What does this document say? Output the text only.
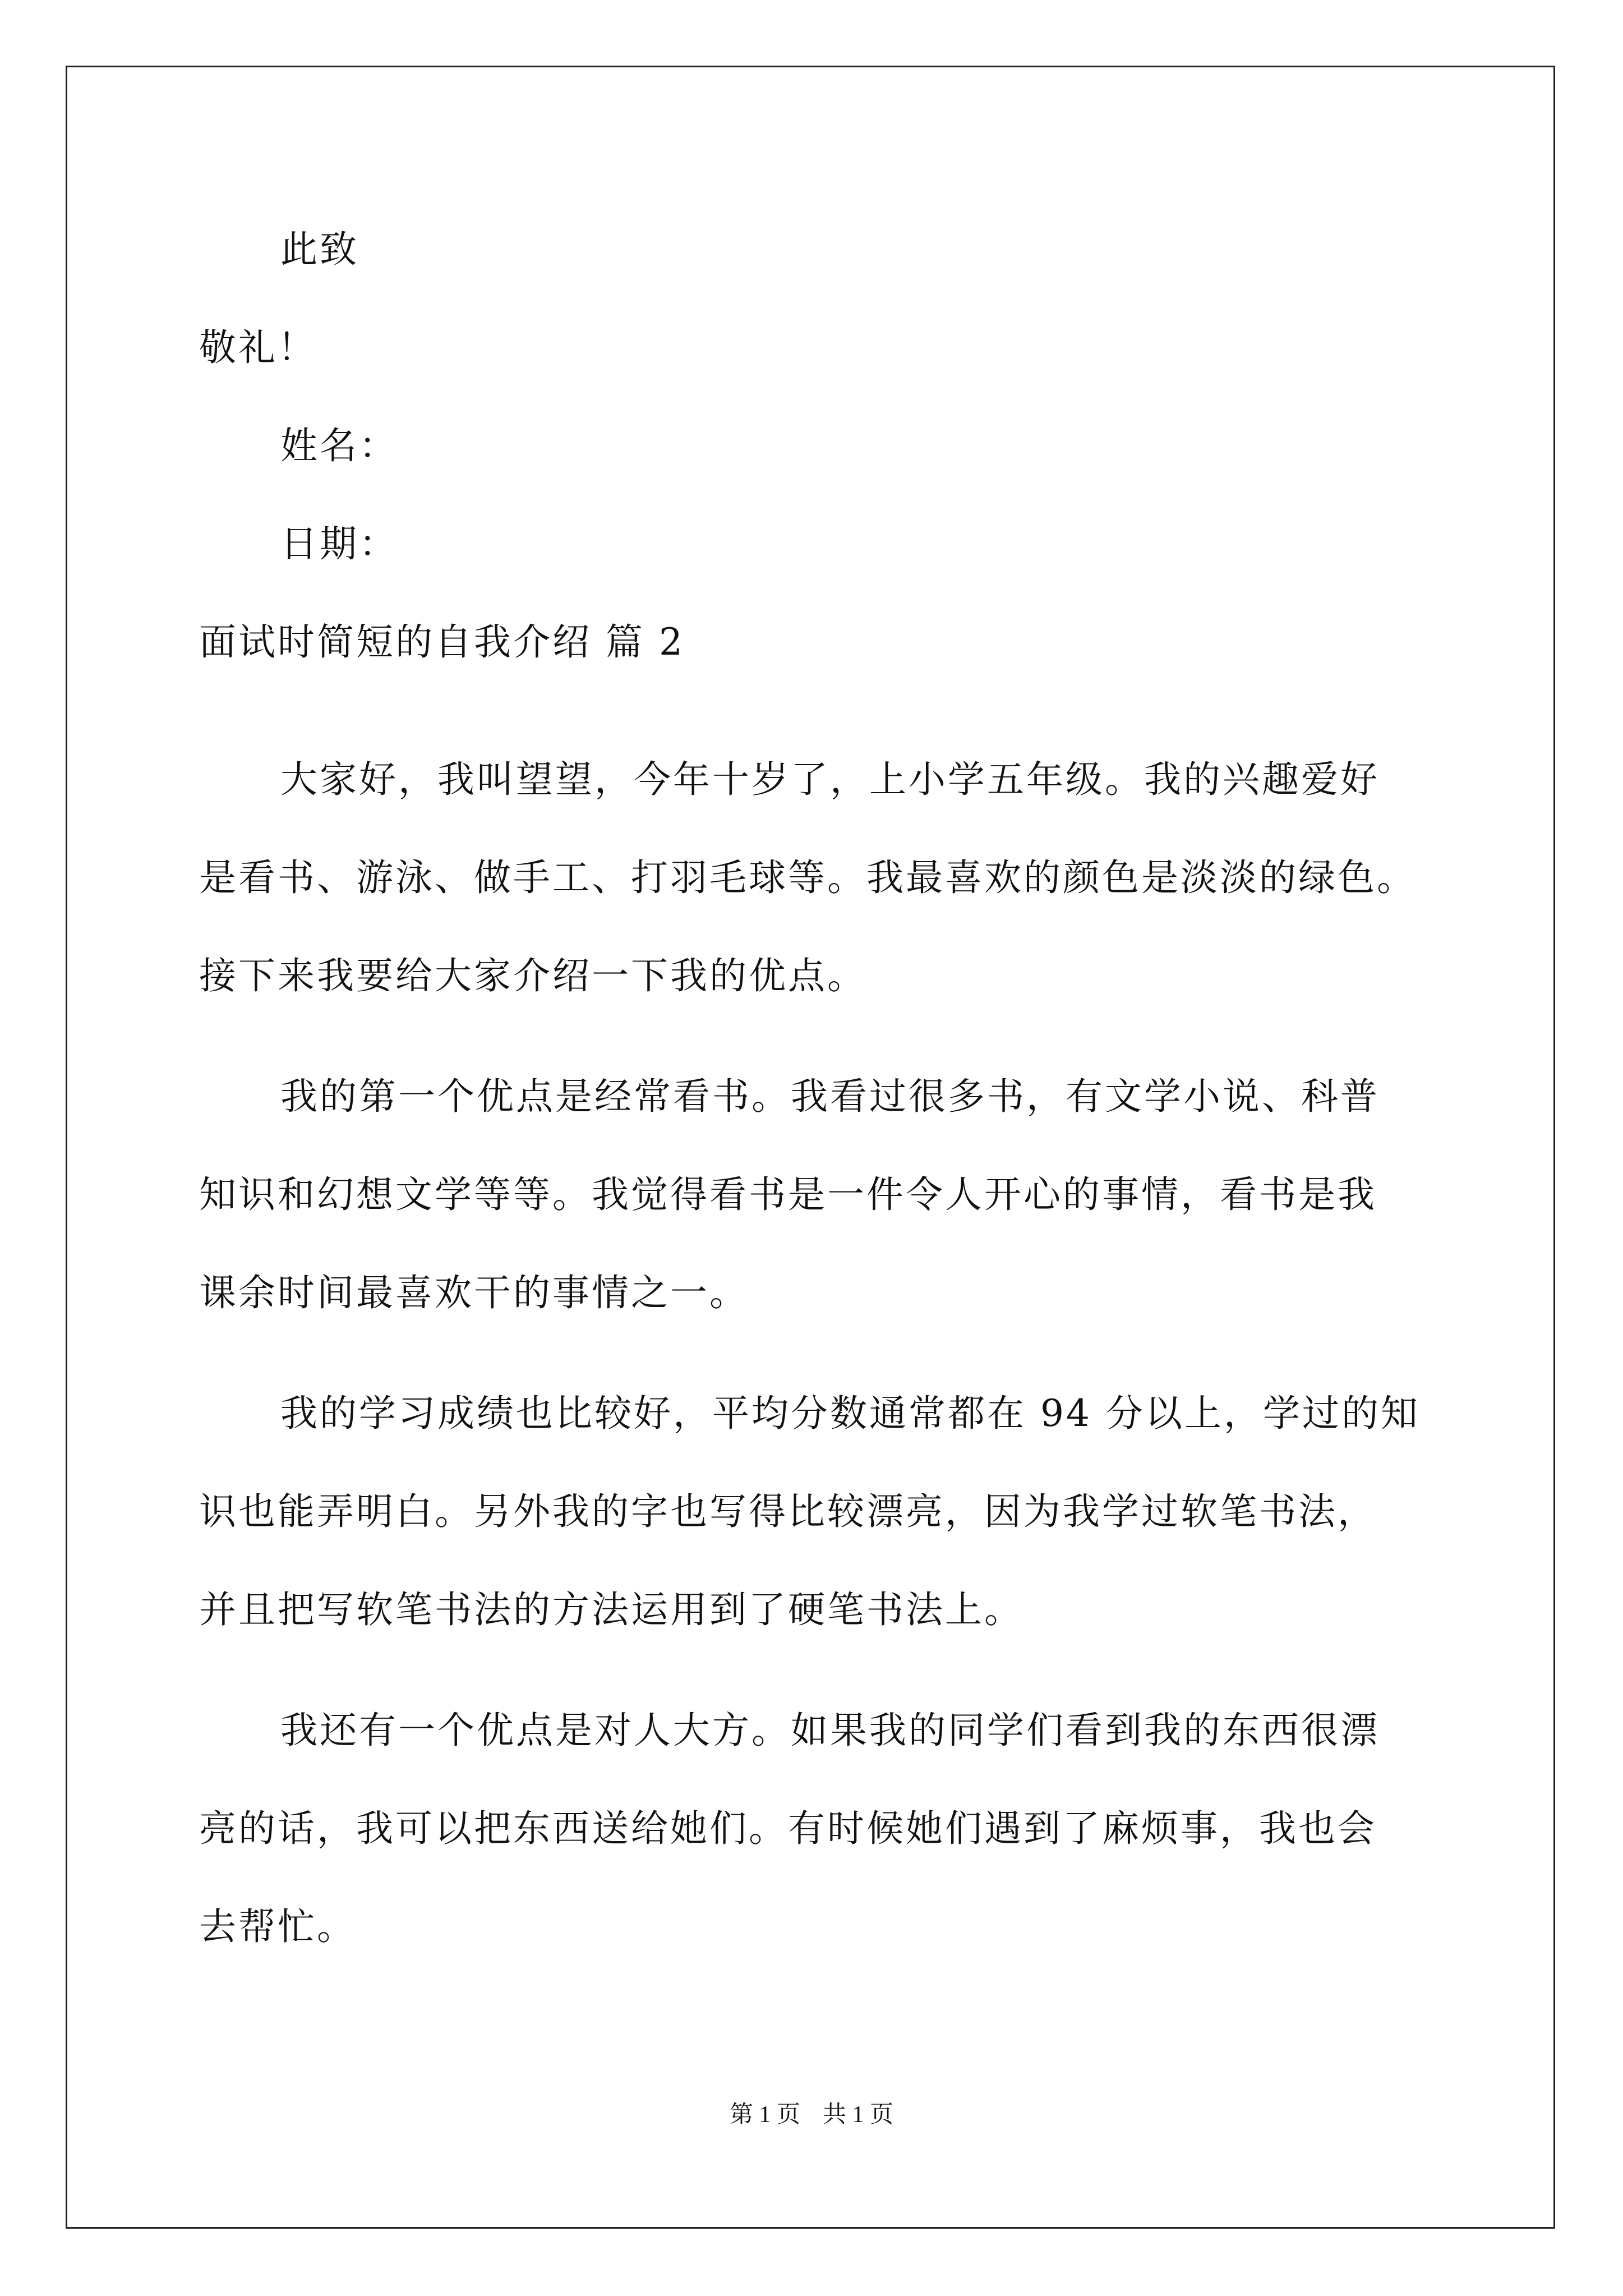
此致
敬礼！
姓名：
日期：
面试时简短的自我介绍 篇 2
大家好，我叫望望，今年十岁了，上小学五年级。我的兴趣爱好
是看书、游泳、做手工、打羽毛球等。我最喜欢的颜色是淡淡的绿色。
接下来我要给大家介绍一下我的优点。
我的第一个优点是经常看书。我看过很多书，有文学小说、科普
知识和幻想文学等等。我觉得看书是一件令人开心的事情，看书是我
课余时间最喜欢干的事情之一。
我的学习成绩也比较好，平均分数通常都在 94 分以上，学过的知
识也能弄明白。另外我的字也写得比较漂亮，因为我学过软笔书法，
并且把写软笔书法的方法运用到了硬笔书法上。
我还有一个优点是对人大方。如果我的同学们看到我的东西很漂
亮的话，我可以把东西送给她们。有时候她们遇到了麻烦事，我也会
去帮忙。
第 1 页 共 1 页
